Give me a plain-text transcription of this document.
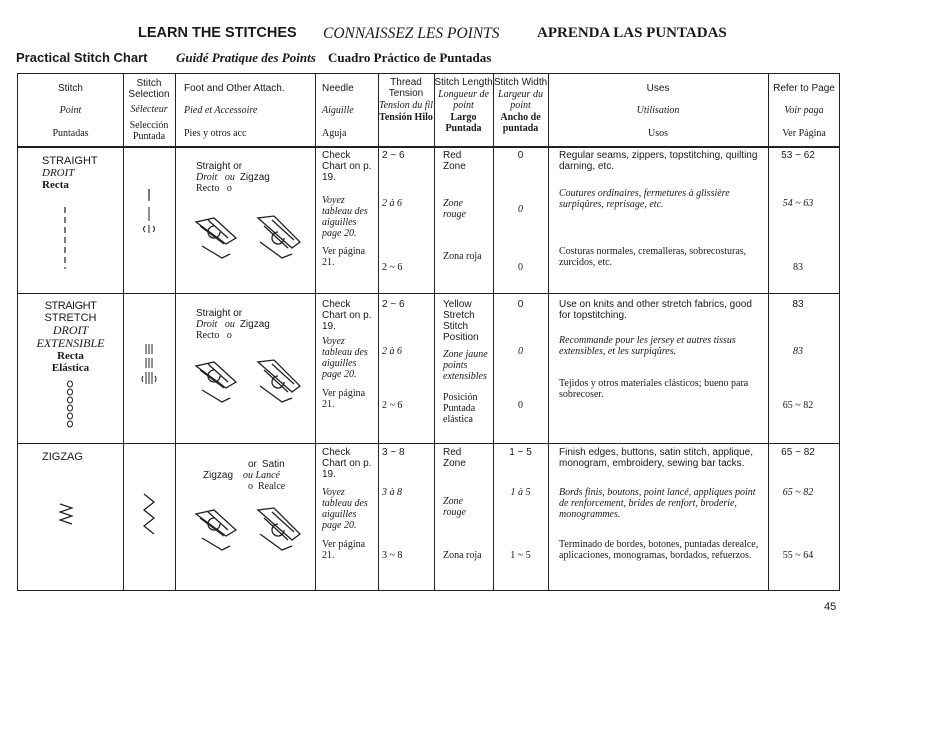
LEARN THE STITCHES CONNAISSEZ LES POINTS APRENDA LAS PUNTADAS
Practical Stitch Chart Guidé Pratique des Points Cuadro Práctico de Puntadas
Stitch
Point
Puntadas
Stitch Selection
Sélecteur
Selección Puntada
Foot and Other Attach.
Pied et Accessoire
Pies y otros acc
Needle
Aiguille
Aguja
Thread Tension
Tension du fil
Tensión Hilo
Stitch Length
Longueur de point
Largo Puntada
Stitch Width
Largeur du point
Ancho de puntada
Uses
Utilisation
Usos
Refer to Page
Voir paga
Ver Página
STRAIGHT
DROIT
Recta
Straight or
Droit ou Zigzag
Recto o
Check Chart on p. 19.
Voyez tableau des aiguilles page 20.
Ver página 21.
2 ~ 6
2 à 6
2 ~ 6
Red Zone
Zone rouge
Zona roja
0
0
0
Regular seams, zippers, topstitching, quilting darning, etc.
Coutures ordinaires, fermetures à glissière surpiqûres, reprisage, etc.
Costuras normales, cremalleras, sobrecosturas, zurcidos, etc.
53 ~ 62
54 ~ 63
83
STRAIGHT
STRETCH
DROIT
EXTENSIBLE
Recta
Elástica
Straight or
Droit ou Zigzag
Recto o
Check Chart on p. 19.
Voyez tableau des aiguilles page 20.
Ver página 21.
2 ~ 6
2 à 6
2 ~ 6
Yellow Stretch Stitch Position
Zone jaune points extensibles
Posición Puntada elástica
0
0
0
Use on knits and other stretch fabrics, good for topstitching.
Recommande pour les jersey et autres tissus extensibles, et les surpiqûres.
Tejidos y otros materiales clásticos; bueno para sobrecoser.
83
83
65 ~ 82
ZIGZAG
or Satin
Zigzag ou Lancé
o Realce
Check Chart on p. 19.
Voyez tableau des aiguilles page 20.
Ver página 21.
3 ~ 8
3 à 8
3 ~ 8
Red Zone
Zone rouge
Zona roja
1 ~ 5
1 à 5
1 ~ 5
Finish edges, buttons, satin stitch, applique, monogram, embroidery, sewing bar tacks.
Bords finis, boutons, point lancé, appliques point de renforcement, brides de renfort, broderie, monogrammes.
Terminado de bordes, botones, puntadas derealce, aplicaciones, monogramas, bordados, refuerzos.
65 ~ 82
65 ~ 82
55 ~ 64
45
